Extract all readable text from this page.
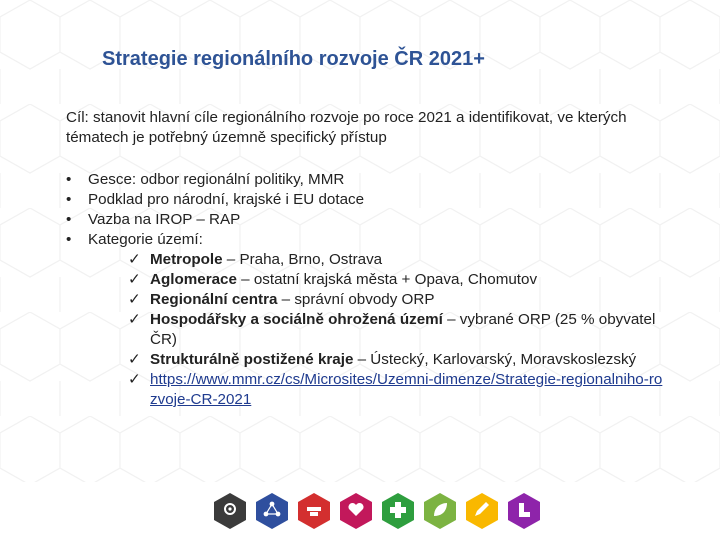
Strategie regionálního rozvoje ČR 2021+

Cíl: stanovit hlavní cíle regionálního rozvoje po roce 2021 a identifikovat, ve kterých tématech je potřebný územně specifický přístup

• Gesce: odbor regionální politiky, MMR
• Podklad pro národní, krajské i EU dotace
• Vazba na IROP – RAP
• Kategorie území:
✓ Metropole – Praha, Brno, Ostrava
✓ Aglomerace – ostatní krajská města + Opava, Chomutov
✓ Regionální centra – správní obvody ORP
✓ Hospodářsky a sociálně ohrožená území – vybrané ORP (25 % obyvatel ČR)
✓ Strukturálně postižené kraje – Ústecký, Karlovarský, Moravskoslezský
✓ https://www.mmr.cz/cs/Microsites/Uzemni-dimenze/Strategie-regionalniho-rozvoje-CR-2021
